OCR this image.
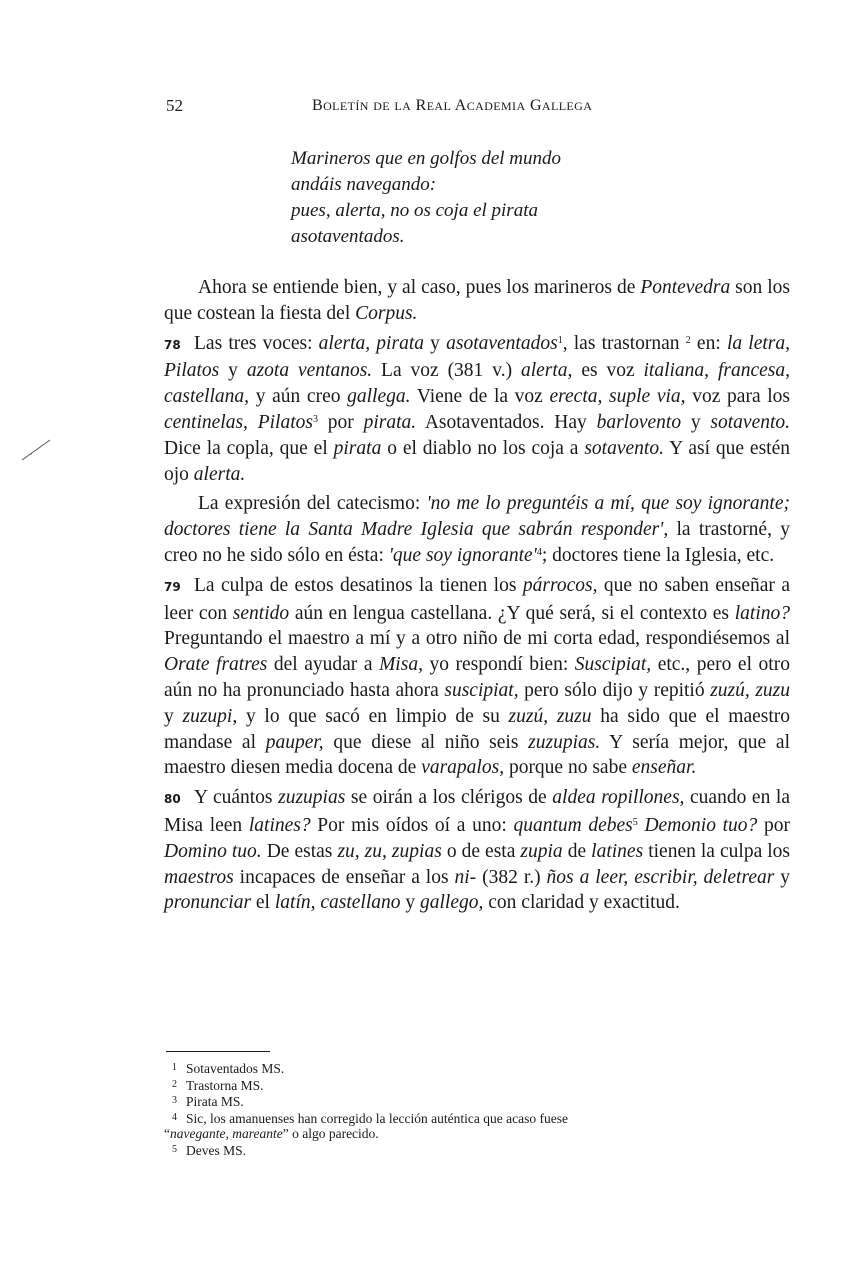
52	BOLETÍN DE LA REAL ACADEMIA GALLEGA
Marineros que en golfos del mundo
andáis navegando:
pues, alerta, no os coja el pirata
asotaventados.

Ahora se entiende bien, y al caso, pues los marineros de Pontevedra son los que costean la fiesta del Corpus.

78 Las tres voces: alerta, pirata y asotaventados$^1$, las trastornan $^2$ en: la letra, Pilatos y azota ventanos. La voz (381 v.) alerta, es voz italiana, francesa, castellana, y aún creo gallega. Viene de la voz erecta, suple via, voz para los centinelas, Pilatos$^3$ por pirata. Asotaventados. Hay barlovento y sotavento. Dice la copla, que el pirata o el diablo no los coja a sotavento. Y así que estén ojo alerta.

La expresión del catecismo: 'no me lo preguntéis a mí, que soy ignorante; doctores tiene la Santa Madre Iglesia que sabrán responder', la trastorné, y creo no he sido sólo en ésta: 'que soy $ignorante'^4$; doctores tiene la Iglesia, etc.

79 La culpa de estos desatinos la tienen los párrocos, que no saben enseñar a leer con sentido aún en lengua castellana. ¿Y qué será, si el contexto es latino? Preguntando el maestro a mí y a otro niño de mi corta edad, respondiésemos al Orate fratres del ayudar a Misa, yo respondí bien: Suscipiat, etc., pero el otro aún no ha pronunciado hasta ahora suscipiat, pero sólo dijo y repitió zuzú, zuzu y zuzupi, y lo que sacó en limpio de su zuzú, zuzu ha sido que el maestro mandase al pauper, que diese al niño seis zuzupias. Y sería mejor, que al maestro diesen media docena de varapalos, porque no sabe enseñar.

80 Y cuántos zuzupias se oirán a los clérigos de aldea ropillones, cuando en la Misa leen latines? Por mis oídos oí a uno: quantum debes$^5$ Demonio tuo? por Domino tuo. De estas zu, zu, zupias o de esta zupia de latines tienen la culpa los maestros incapaces de enseñar a los ni- (382 r.) ños a leer, escribir, deletrear y pronunciar el latín, castellano y gallego, con claridad y exactitud.

1 Sotaventados MS.
2 Trastorna MS.
3 Pirata MS.
4 Sic, los amanuenses han corregido la lección auténtica que acaso fuese
“navegante, mareante” o algo parecido.
5 Deves MS.
